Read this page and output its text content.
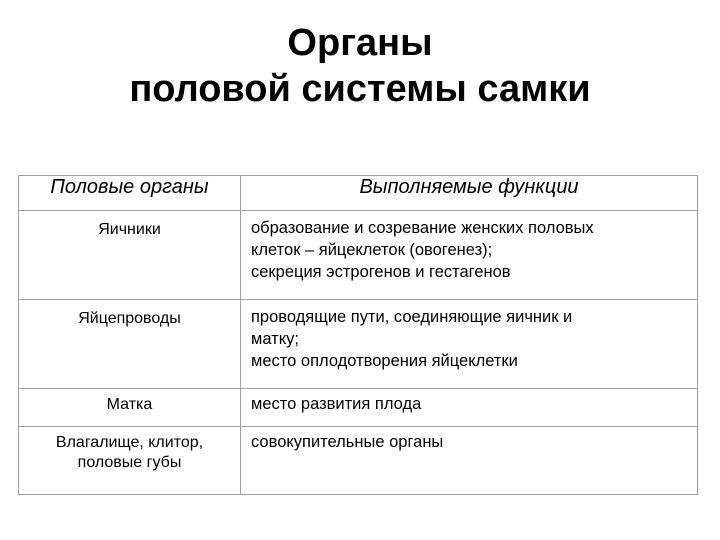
Органы
половой системы самки
Половые органы	Выполняемые функции

Яичники	образование и созревание женских половых
клеток – яйцеклеток (овогенез);
секреция эстрогенов и гестагенов

Яйцепроводы	проводящие пути, соединяющие яичник и
матку;
место оплодотворения яйцеклетки

Матка	место развития плода

Влагалище, клитор,
половые губы	совокупительные органы
